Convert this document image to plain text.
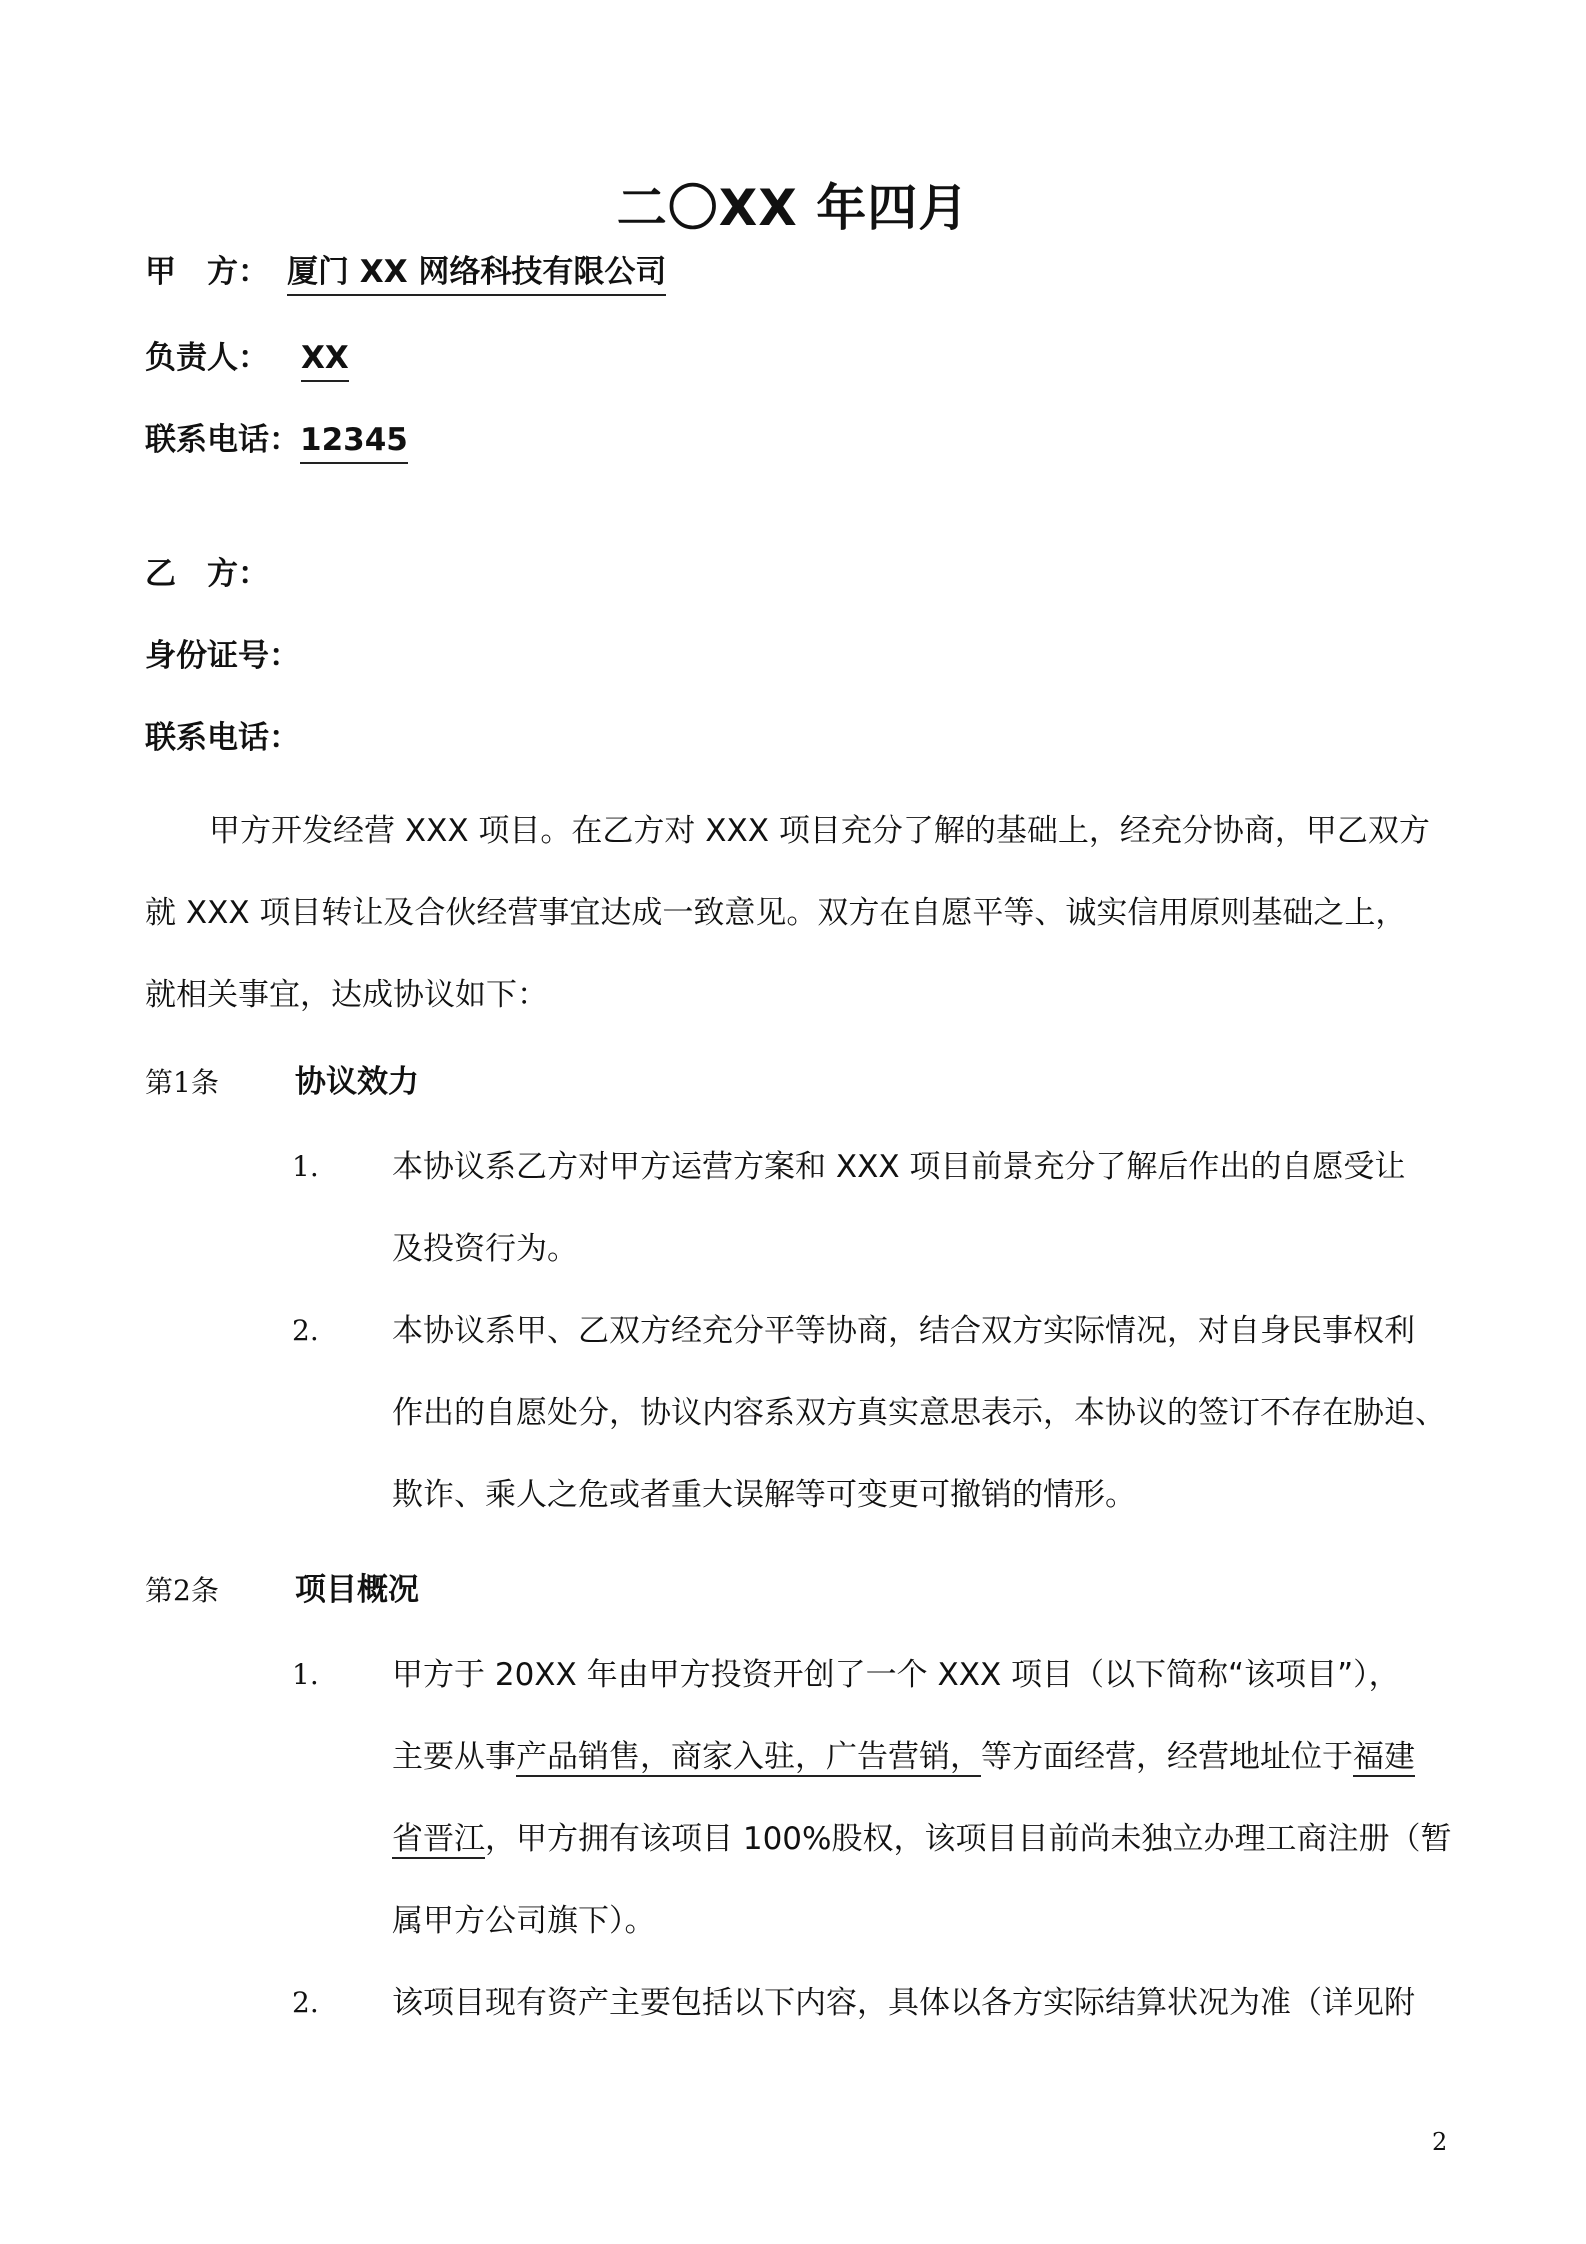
二〇XX 年四月
甲　方： 厦门 XX 网络科技有限公司
负责人： XX
联系电话：12345
乙　方：
身份证号：
联系电话：
甲方开发经营 XXX 项目。在乙方对 XXX 项目充分了解的基础上，经充分协商，甲乙双方
就 XXX 项目转让及合伙经营事宜达成一致意见。双方在自愿平等、诚实信用原则基础之上，
就相关事宜，达成协议如下：
第1条 协议效力
1. 本协议系乙方对甲方运营方案和 XXX 项目前景充分了解后作出的自愿受让
及投资行为。
2. 本协议系甲、乙双方经充分平等协商，结合双方实际情况，对自身民事权利
作出的自愿处分，协议内容系双方真实意思表示，本协议的签订不存在胁迫、
欺诈、乘人之危或者重大误解等可变更可撤销的情形。
第2条 项目概况
1. 甲方于 20XX 年由甲方投资开创了一个 XXX 项目（以下简称“该项目”），
主要从事产品销售，商家入驻，广告营销，等方面经营，经营地址位于福建
省晋江，甲方拥有该项目 100%股权，该项目目前尚未独立办理工商注册（暂
属甲方公司旗下）。
2. 该项目现有资产主要包括以下内容，具体以各方实际结算状况为准（详见附
2
